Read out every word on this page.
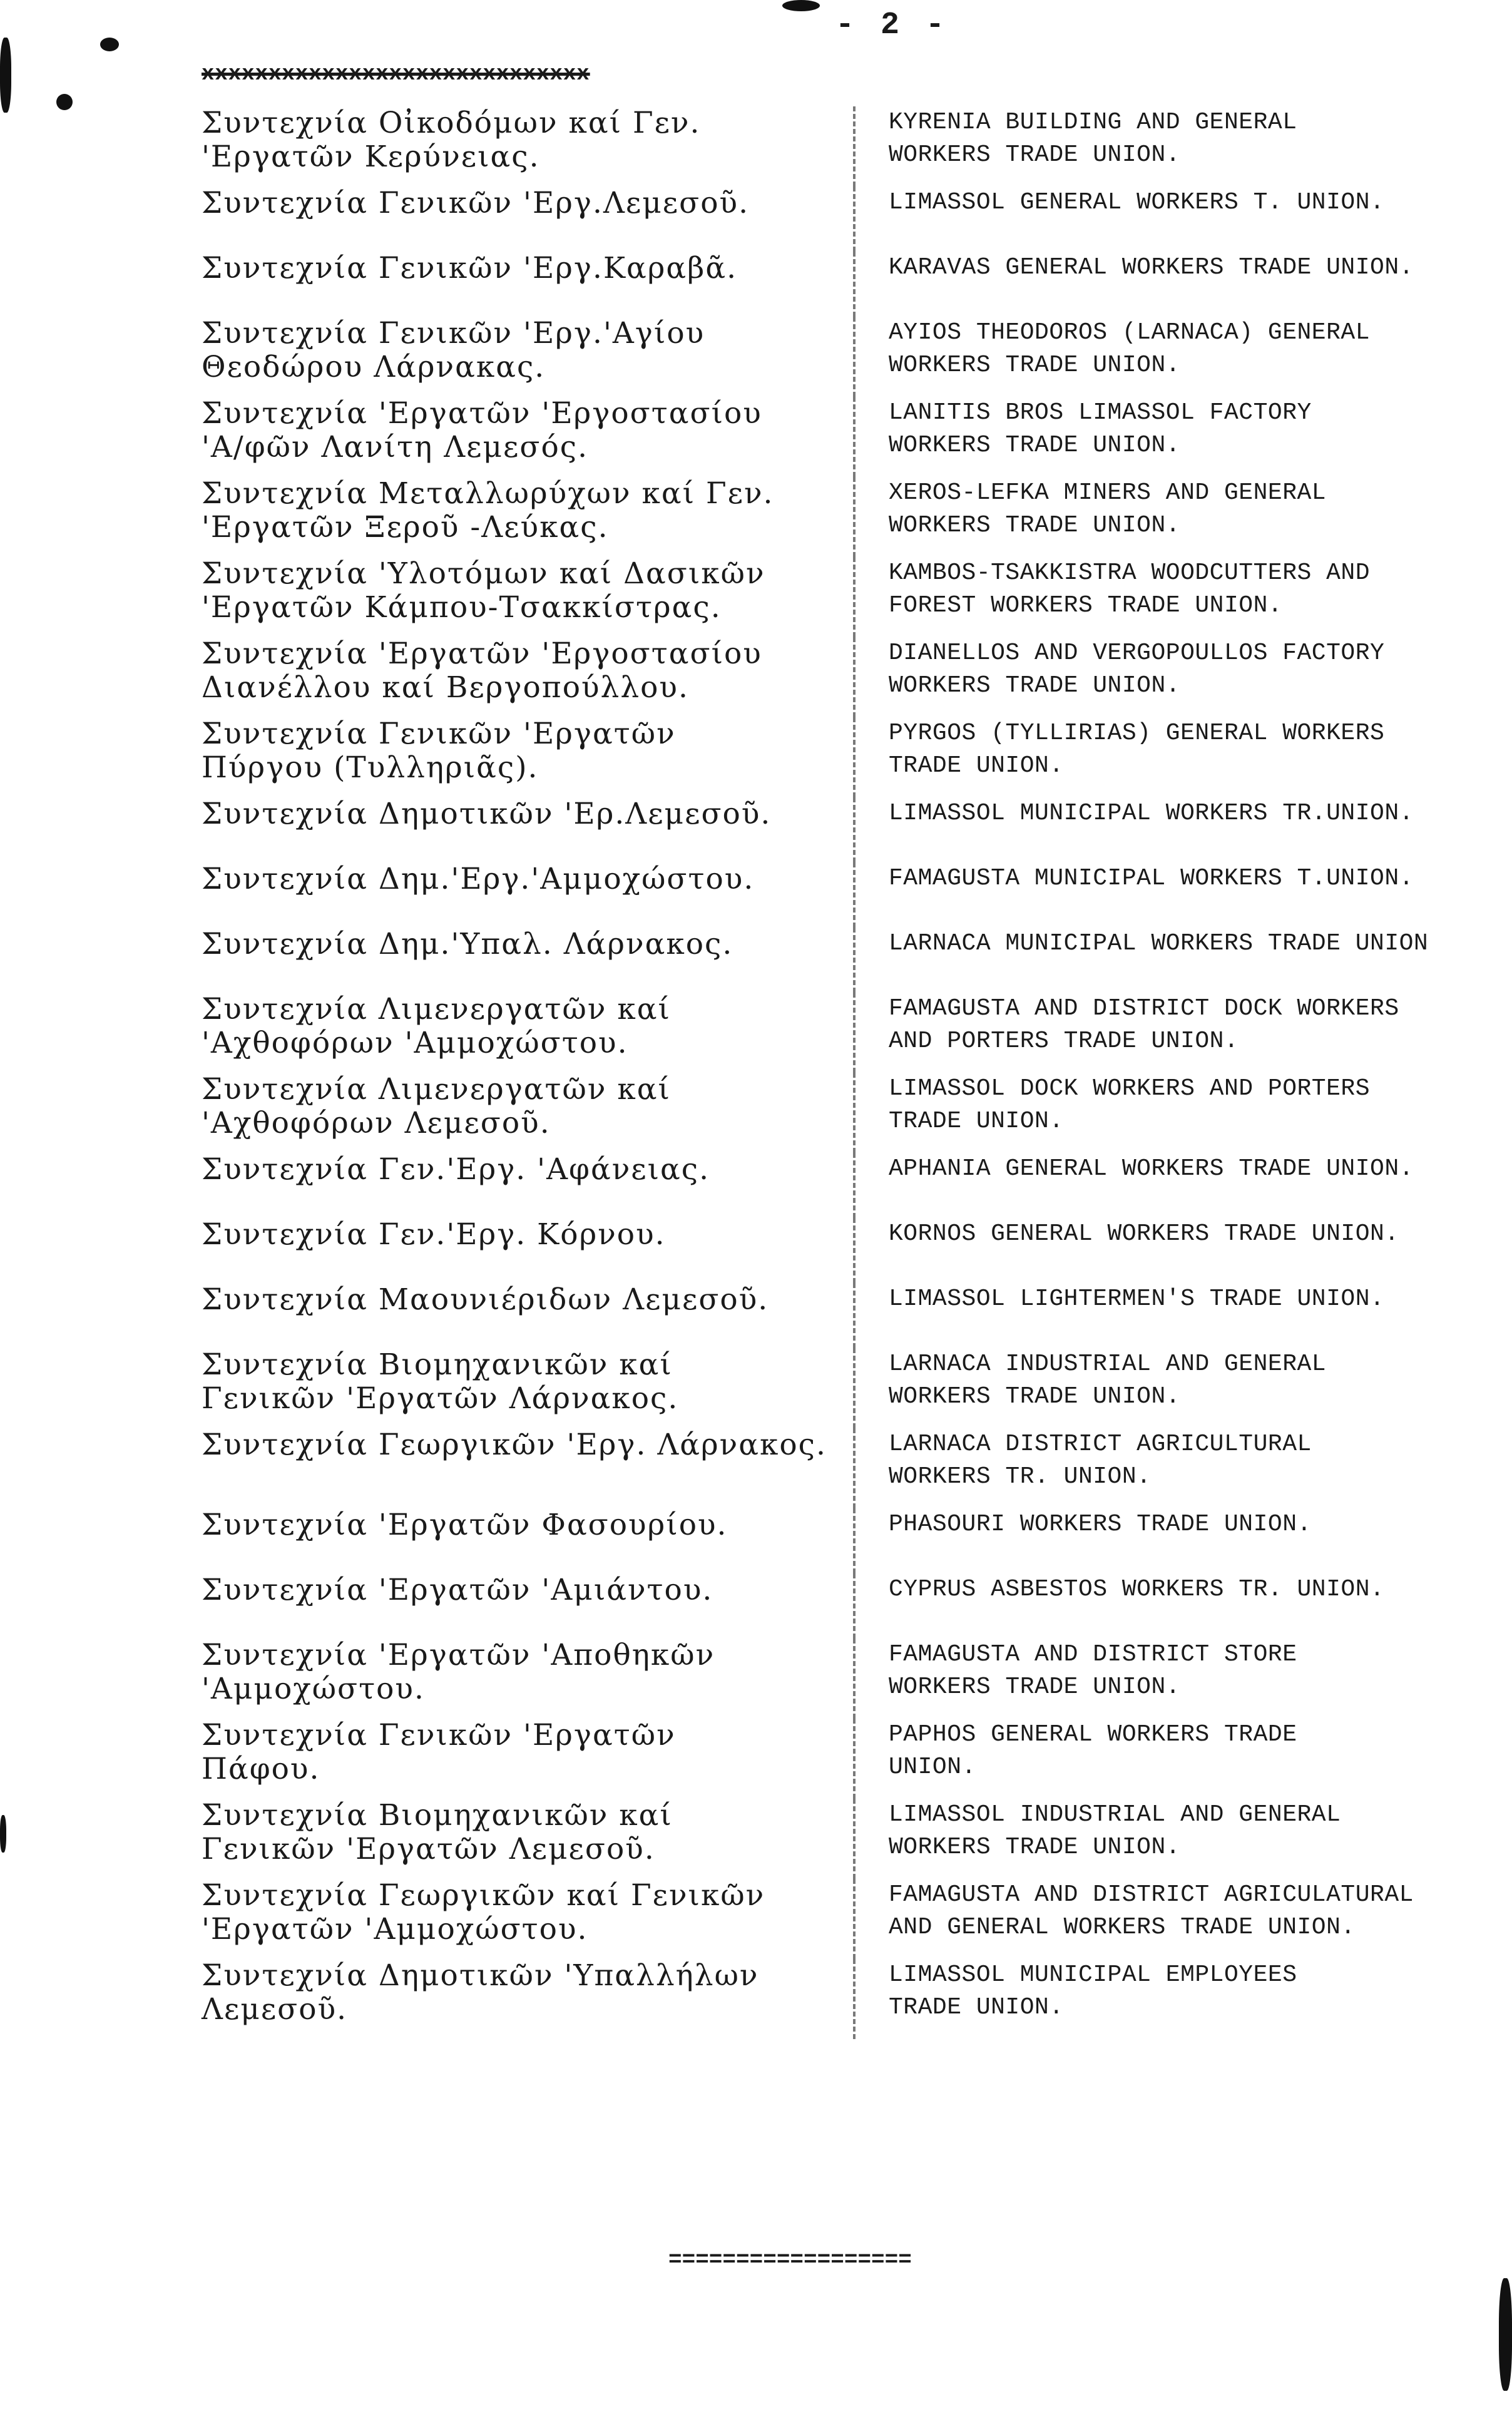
- 2 -
xxxxxxxxxxxxxxxxxxxxxxxxxxxxx
Συντεχνία Οἰκοδόμων καί Γεν.
'Εργατῶν Κερύνειας.
KYRENIA BUILDING AND GENERAL
WORKERS TRADE UNION.
Συντεχνία Γενικῶν 'Εργ.Λεμεσοῦ.	LIMASSOL GENERAL WORKERS T. UNION.
Συντεχνία Γενικῶν 'Εργ.Καραβᾶ.	KARAVAS GENERAL WORKERS TRADE UNION.
Συντεχνία Γενικῶν 'Εργ.'Αγίου
Θεοδώρου Λάρνακας.
AYIOS THEODOROS (LARNACA) GENERAL
WORKERS TRADE UNION.
Συντεχνία 'Εργατῶν 'Εργοστασίου
'Α/φῶν Λανίτη Λεμεσός.
LANITIS BROS LIMASSOL FACTORY
WORKERS TRADE UNION.
Συντεχνία Μεταλλωρύχων καί Γεν.
'Εργατῶν Ξεροῦ -Λεύκας.
XEROS-LEFKA MINERS AND GENERAL
WORKERS TRADE UNION.
Συντεχνία 'Υλοτόμων καί Δασικῶν
'Εργατῶν Κάμπου-Τσακκίστρας.
KAMBOS-TSAKKISTRA WOODCUTTERS AND
FOREST WORKERS TRADE UNION.
Συντεχνία 'Εργατῶν 'Εργοστασίου
Διανέλλου καί Βεργοπούλλου.
DIANELLOS AND VERGOPOULLOS FACTORY
WORKERS TRADE UNION.
Συντεχνία Γενικῶν 'Εργατῶν
Πύργου (Τυλληριᾶς).
PYRGOS (TYLLIRIAS) GENERAL WORKERS
TRADE UNION.
Συντεχνία Δημοτικῶν 'Ερ.Λεμεσοῦ.	LIMASSOL MUNICIPAL WORKERS TR.UNION.
Συντεχνία Δημ.'Εργ.'Αμμοχώστου.	FAMAGUSTA MUNICIPAL WORKERS T.UNION.
Συντεχνία Δημ.'Υπαλ. Λάρνακος.	LARNACA MUNICIPAL WORKERS TRADE UNION
Συντεχνία Λιμενεργατῶν καί
'Αχθοφόρων 'Αμμοχώστου.
FAMAGUSTA AND DISTRICT DOCK WORKERS
AND PORTERS TRADE UNION.
Συντεχνία Λιμενεργατῶν καί
'Αχθοφόρων Λεμεσοῦ.
LIMASSOL DOCK WORKERS AND PORTERS
TRADE UNION.
Συντεχνία Γεν.'Εργ. 'Αφάνειας.	APHANIA GENERAL WORKERS TRADE UNION.
Συντεχνία Γεν.'Εργ. Κόρνου.	KORNOS GENERAL WORKERS TRADE UNION.
Συντεχνία Μαουνιέριδων Λεμεσοῦ.	LIMASSOL LIGHTERMEN'S TRADE UNION.
Συντεχνία Βιομηχανικῶν καί
Γενικῶν 'Εργατῶν Λάρνακος.
LARNACA INDUSTRIAL AND GENERAL
WORKERS TRADE UNION.
Συντεχνία Γεωργικῶν 'Εργ. Λάρνακος.	LARNACA DISTRICT AGRICULTURAL
WORKERS TR. UNION.
Συντεχνία 'Εργατῶν Φασουρίου.	PHASOURI WORKERS TRADE UNION.
Συντεχνία 'Εργατῶν 'Αμιάντου.	CYPRUS ASBESTOS WORKERS TR. UNION.
Συντεχνία 'Εργατῶν 'Αποθηκῶν
'Αμμοχώστου.
FAMAGUSTA AND DISTRICT STORE
WORKERS TRADE UNION.
Συντεχνία Γενικῶν 'Εργατῶν
Πάφου.
PAPHOS GENERAL WORKERS TRADE
UNION.
Συντεχνία Βιομηχανικῶν καί
Γενικῶν 'Εργατῶν Λεμεσοῦ.
LIMASSOL INDUSTRIAL AND GENERAL
WORKERS TRADE UNION.
Συντεχνία Γεωργικῶν καί Γενικῶν
'Εργατῶν 'Αμμοχώστου.
FAMAGUSTA AND DISTRICT AGRICULATURAL
AND GENERAL WORKERS TRADE UNION.
Συντεχνία Δημοτικῶν 'Υπαλλήλων
Λεμεσοῦ.
LIMASSOL MUNICIPAL EMPLOYEES
TRADE UNION.
==================
